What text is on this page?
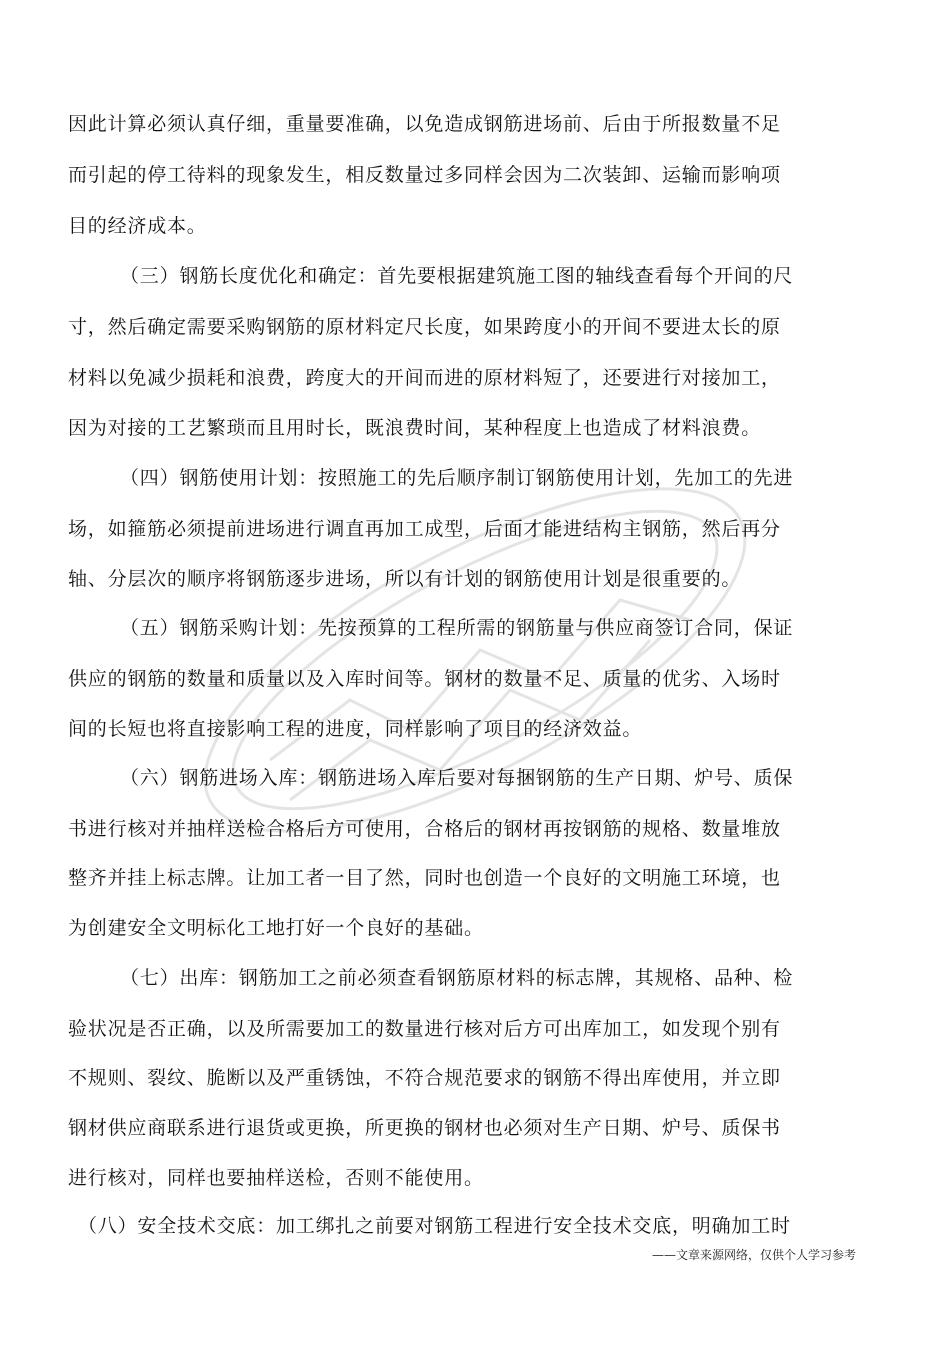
因此计算必须认真仔细，重量要准确，以免造成钢筋进场前、后由于所报数量不足
而引起的停工待料的现象发生，相反数量过多同样会因为二次装卸、运输而影响项
目的经济成本。
（三）钢筋长度优化和确定：首先要根据建筑施工图的轴线查看每个开间的尺
寸，然后确定需要采购钢筋的原材料定尺长度，如果跨度小的开间不要进太长的原
材料以免减少损耗和浪费，跨度大的开间而进的原材料短了，还要进行对接加工，
因为对接的工艺繁琐而且用时长，既浪费时间，某种程度上也造成了材料浪费。
（四）钢筋使用计划：按照施工的先后顺序制订钢筋使用计划，先加工的先进
场，如箍筋必须提前进场进行调直再加工成型，后面才能进结构主钢筋，然后再分
轴、分层次的顺序将钢筋逐步进场，所以有计划的钢筋使用计划是很重要的。
（五）钢筋采购计划：先按预算的工程所需的钢筋量与供应商签订合同，保证
供应的钢筋的数量和质量以及入库时间等。钢材的数量不足、质量的优劣、入场时
间的长短也将直接影响工程的进度，同样影响了项目的经济效益。
（六）钢筋进场入库：钢筋进场入库后要对每捆钢筋的生产日期、炉号、质保
书进行核对并抽样送检合格后方可使用，合格后的钢材再按钢筋的规格、数量堆放
整齐并挂上标志牌。让加工者一目了然，同时也创造一个良好的文明施工环境，也
为创建安全文明标化工地打好一个良好的基础。
（七）出库：钢筋加工之前必须查看钢筋原材料的标志牌，其规格、品种、检
验状况是否正确，以及所需要加工的数量进行核对后方可出库加工，如发现个别有
不规则、裂纹、脆断以及严重锈蚀，不符合规范要求的钢筋不得出库使用，并立即
钢材供应商联系进行退货或更换，所更换的钢材也必须对生产日期、炉号、质保书
进行核对，同样也要抽样送检，否则不能使用。
（八）安全技术交底：加工绑扎之前要对钢筋工程进行安全技术交底，明确加工时
——文章来源网络，仅供个人学习参考
